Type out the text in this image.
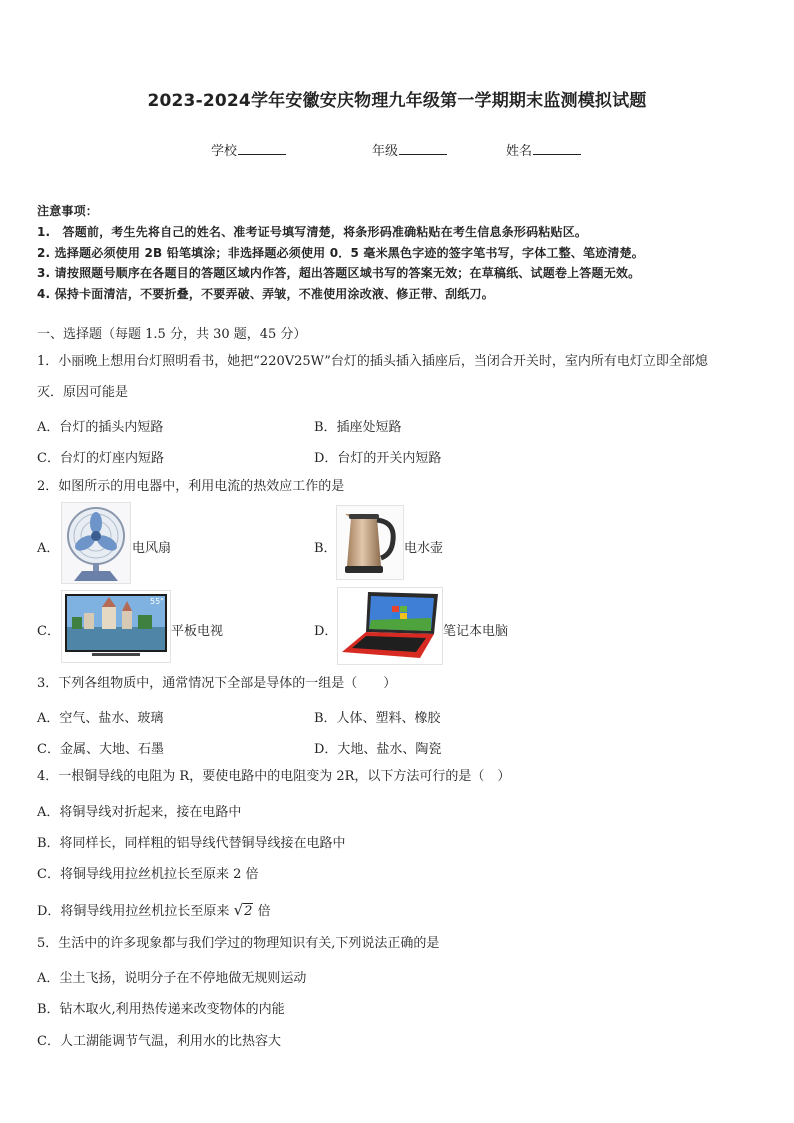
2023-2024学年安徽安庆物理九年级第一学期期末监测模拟试题
学校	年级	姓名
注意事项：
1.　答题前，考生先将自己的姓名、准考证号填写清楚，将条形码准确粘贴在考生信息条形码粘贴区。
2. 选择题必须使用 2B 铅笔填涂；非选择题必须使用 0．5 毫米黑色字迹的签字笔书写，字体工整、笔迹清楚。
3. 请按照题号顺序在各题目的答题区域内作答，超出答题区域书写的答案无效；在草稿纸、试题卷上答题无效。
4. 保持卡面清洁，不要折叠，不要弄破、弄皱，不准使用涂改液、修正带、刮纸刀。
一、选择题（每题 1.5 分，共 30 题，45 分）
1．小丽晚上想用台灯照明看书，她把“220V25W”台灯的插头插入插座后，当闭合开关时，室内所有电灯立即全部熄
灭．原因可能是
A．台灯的插头内短路	B．插座处短路
C．台灯的灯座内短路	D．台灯的开关内短路
2．如图所示的用电器中，利用电流的热效应工作的是
A．	电风扇	B．	电水壶
C．
55"
平板电视	D．	笔记本电脑
3．下列各组物质中，通常情况下全部是导体的一组是（　　）
A．空气、盐水、玻璃	B．人体、塑料、橡胶
C．金属、大地、石墨	D．大地、盐水、陶瓷
4．一根铜导线的电阻为 R，要使电路中的电阻变为 2R，以下方法可行的是（　）
A．将铜导线对折起来，接在电路中
B．将同样长，同样粗的铝导线代替铜导线接在电路中
C．将铜导线用拉丝机拉长至原来 2 倍
D．将铜导线用拉丝机拉长至原来 √2 倍
5．生活中的许多现象都与我们学过的物理知识有关,下列说法正确的是
A．尘土飞扬，说明分子在不停地做无规则运动
B．钻木取火,利用热传递来改变物体的内能
C．人工湖能调节气温，利用水的比热容大
